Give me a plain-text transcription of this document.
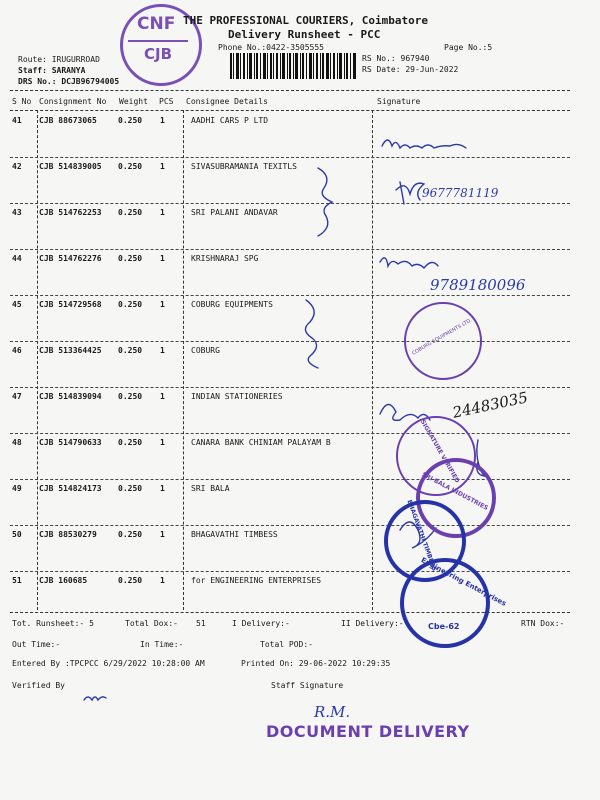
CNF
CJB
THE PROFESSIONAL COURIERS, Coimbatore
Delivery Runsheet - PCC
Phone No.:0422-3505555	Page No.:5
Route: IRUGURROAD
Staff: SARANYA
DRS No.: DCJB96794005
RS No.: 967940
RS Date: 29-Jun-2022
S No Consignment No Weight PCS Consignee Details	Signature
41 CJB 88673065	0.250 1	AADHI CARS P LTD
42 CJB 514839005 0.250 1	SIVASUBRAMANIA TEXITLS
43 CJB 514762253 0.250 1	SRI PALANI ANDAVAR
44 CJB 514762276 0.250 1	KRISHNARAJ SPG
45 CJB 514729568 0.250 1	COBURG EQUIPMENTS
46 CJB 513364425 0.250 1	COBURG
47 CJB 514839094 0.250 1	INDIAN STATIONERIES
48 CJB 514790633 0.250 1	CANARA BANK CHINIAM PALAYAM B
49 CJB 514824173 0.250 1	SRI BALA
50 CJB 88530279	0.250 1	BHAGAVATHI TIMBESS
51 CJB 160685	0.250 1	for ENGINEERING ENTERPRISES
9677781119
9789180096
24483035
COBURG EQUIPMENTS LTD.
SIGNATURE VERIFIED
SRI BALA INDUSTRIES
BHAGAVATHI TIMBERS
Engineering Enterprises
Cbe-62
Tot. Runsheet:- 5	Total Dox:- 51	I Delivery:-	II Delivery:-	RTN Dox:-
Out Time:-	In Time:-	Total POD:-
Entered By :TPCPCC 6/29/2022 10:28:00 AM	Printed On: 29-06-2022 10:29:35
Verified By	Staff Signature
R.M.
DOCUMENT DELIVERY
